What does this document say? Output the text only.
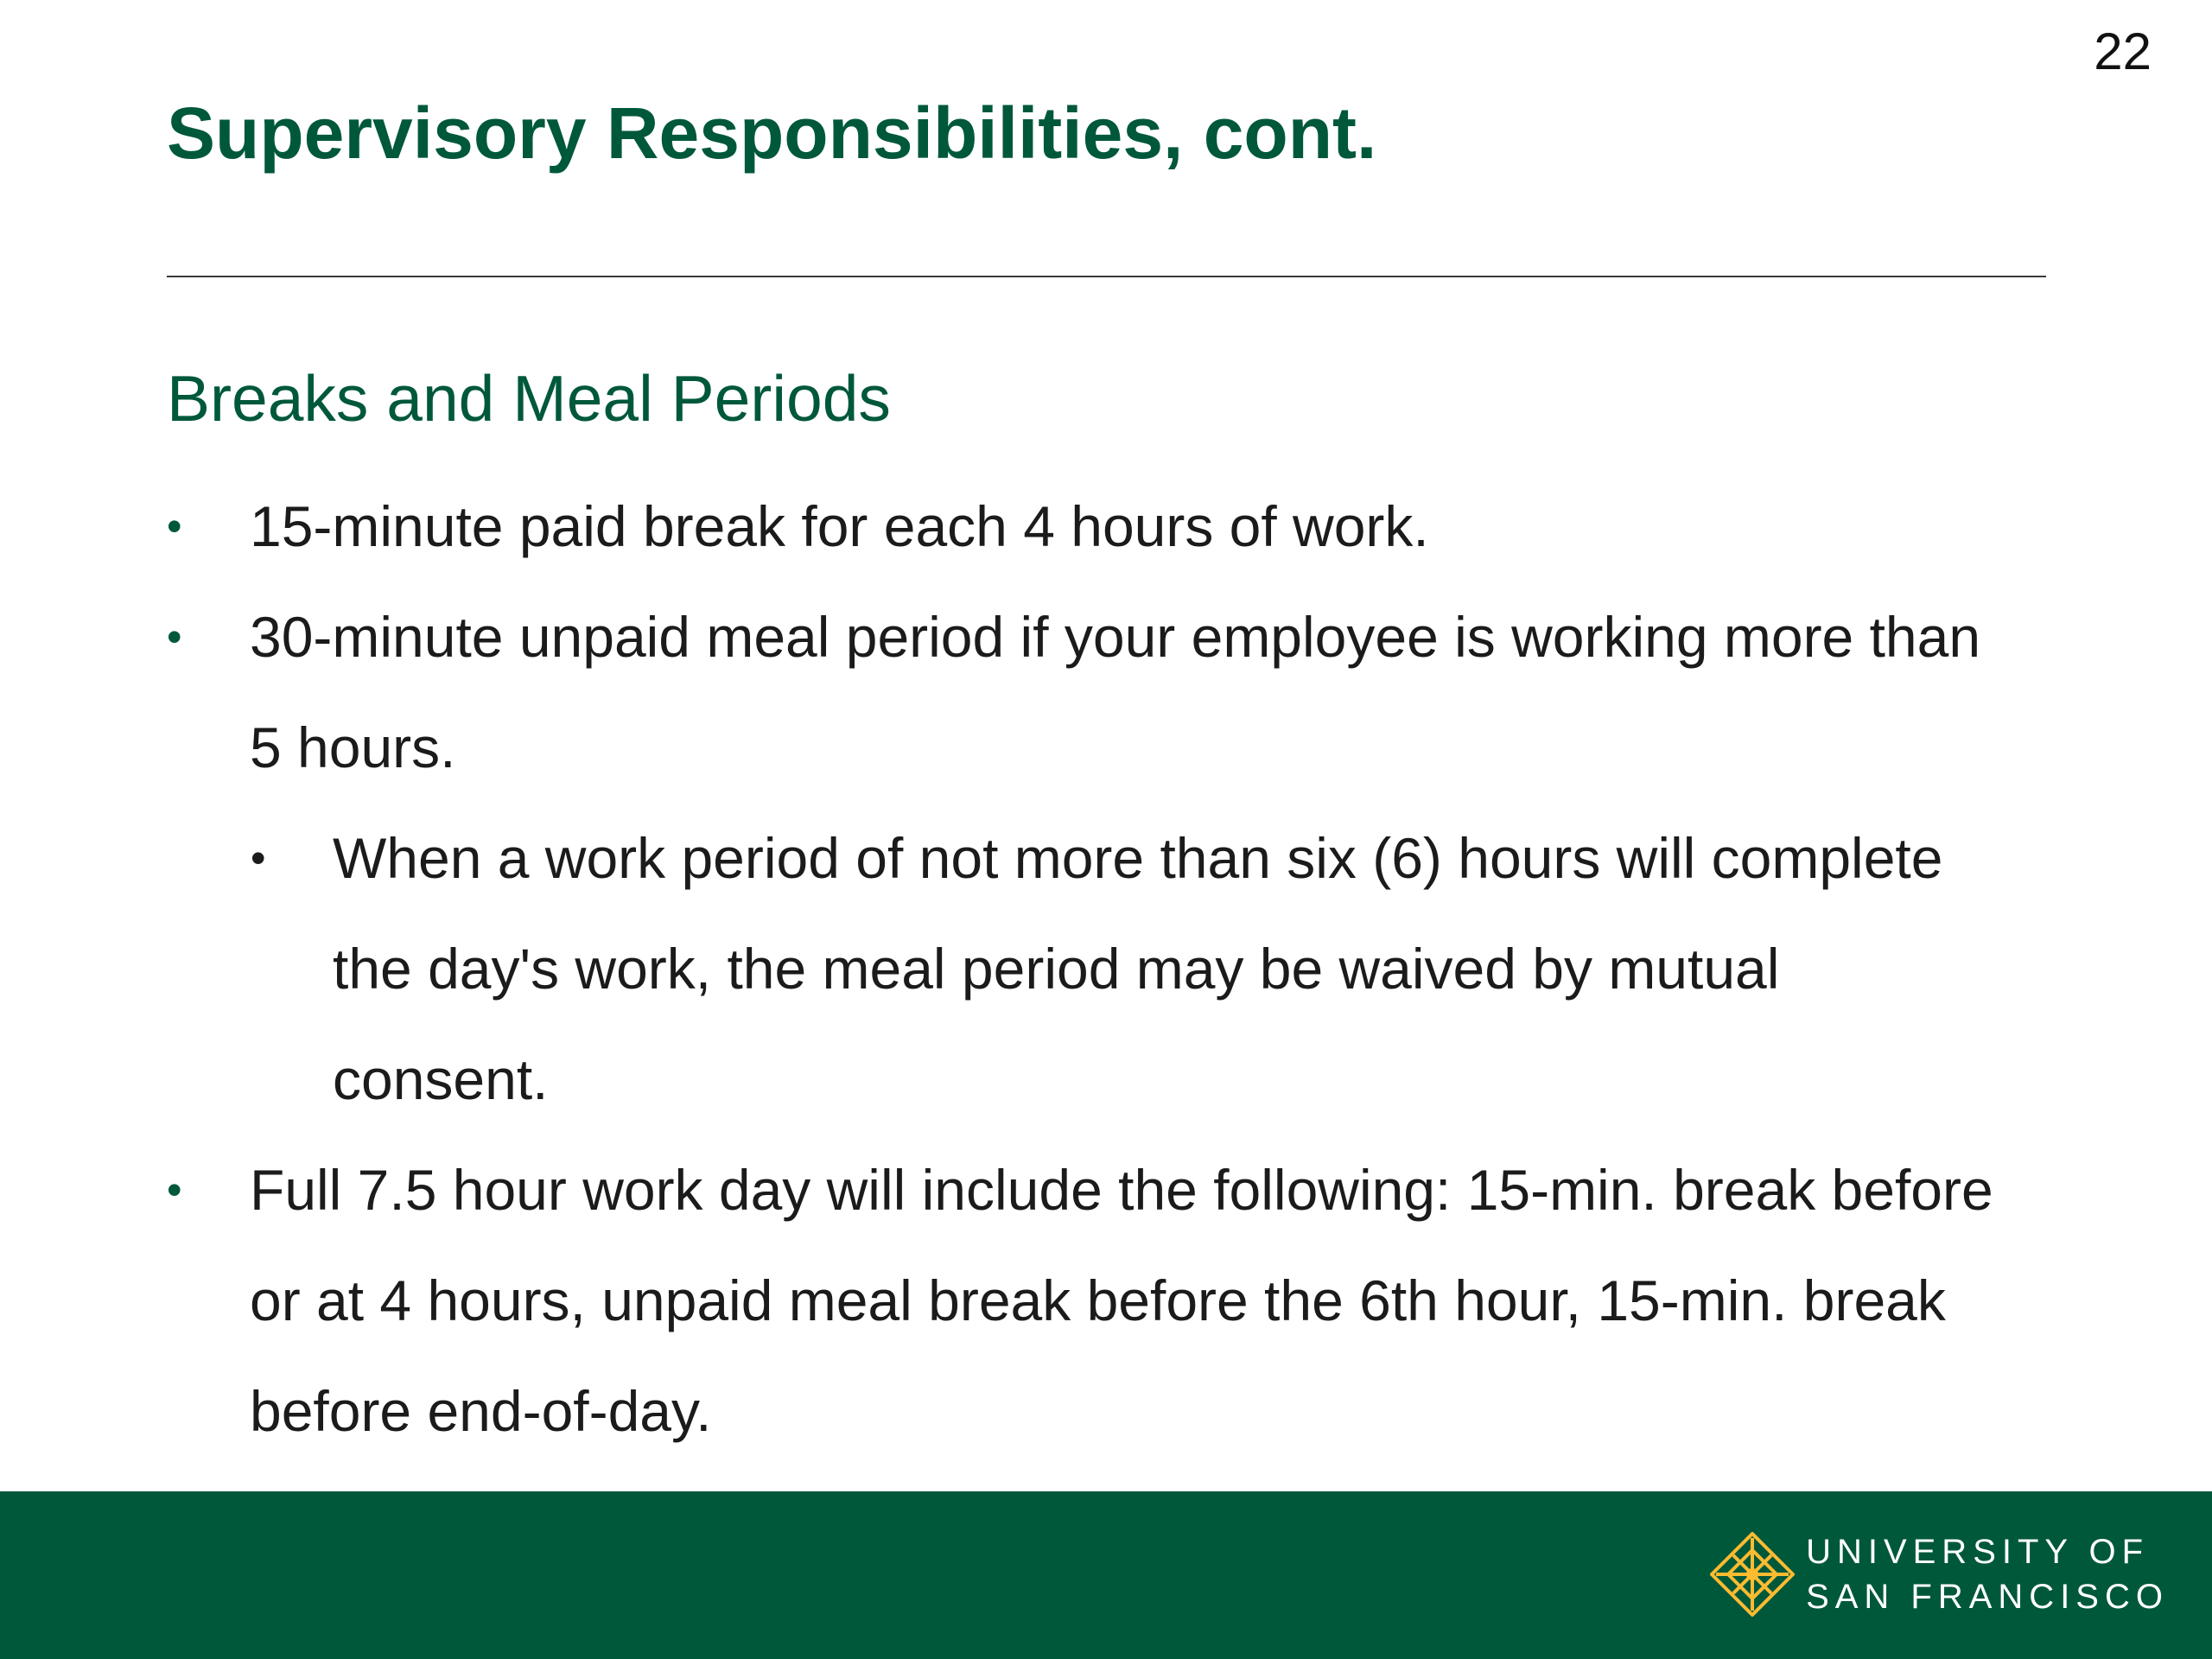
22
Supervisory Responsibilities, cont.
Breaks and Meal Periods
• 15-minute paid break for each 4 hours of work.
• 30-minute unpaid meal period if your employee is working more than 5 hours.
• When a work period of not more than six (6) hours will complete the day's work, the meal period may be waived by mutual consent.
• Full 7.5 hour work day will include the following: 15-min. break before or at 4 hours, unpaid meal break before the 6th hour, 15-min. break before end-of-day.
UNIVERSITY OF
SAN FRANCISCO
